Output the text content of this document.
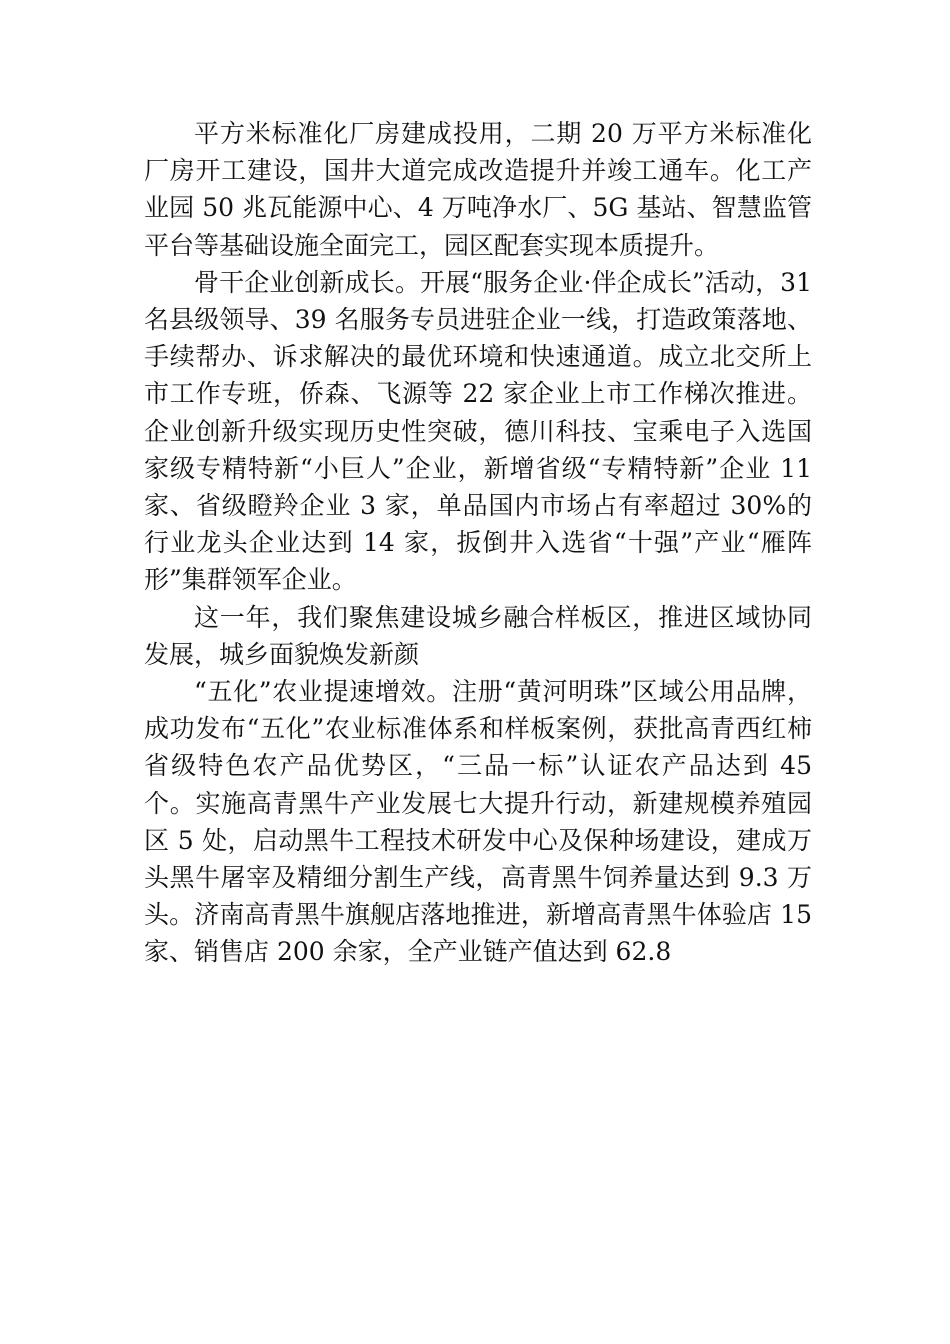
平方米标准化厂房建成投用，二期 20 万平方米标准化厂房开工建设，国井大道完成改造提升并竣工通车。化工产业园 50 兆瓦能源中心、4 万吨净水厂、5G 基站、智慧监管平台等基础设施全面完工，园区配套实现本质提升。

骨干企业创新成长。开展“服务企业·伴企成长”活动，31 名县级领导、39 名服务专员进驻企业一线，打造政策落地、手续帮办、诉求解决的最优环境和快速通道。成立北交所上市工作专班，侨森、飞源等 22 家企业上市工作梯次推进。企业创新升级实现历史性突破，德川科技、宝乘电子入选国家级专精特新“小巨人”企业，新增省级“专精特新”企业 11 家、省级瞪羚企业 3 家，单品国内市场占有率超过 30%的行业龙头企业达到 14 家，扳倒井入选省“十强”产业“雁阵形”集群领军企业。

这一年，我们聚焦建设城乡融合样板区，推进区域协同发展，城乡面貌焕发新颜

“五化”农业提速增效。注册“黄河明珠”区域公用品牌，成功发布“五化”农业标准体系和样板案例，获批高青西红柿省级特色农产品优势区，“三品一标”认证农产品达到 45 个。实施高青黑牛产业发展七大提升行动，新建规模养殖园区 5 处，启动黑牛工程技术研发中心及保种场建设，建成万头黑牛屠宰及精细分割生产线，高青黑牛饲养量达到 9.3 万头。济南高青黑牛旗舰店落地推进，新增高青黑牛体验店 15 家、销售店 200 余家，全产业链产值达到 62.8
